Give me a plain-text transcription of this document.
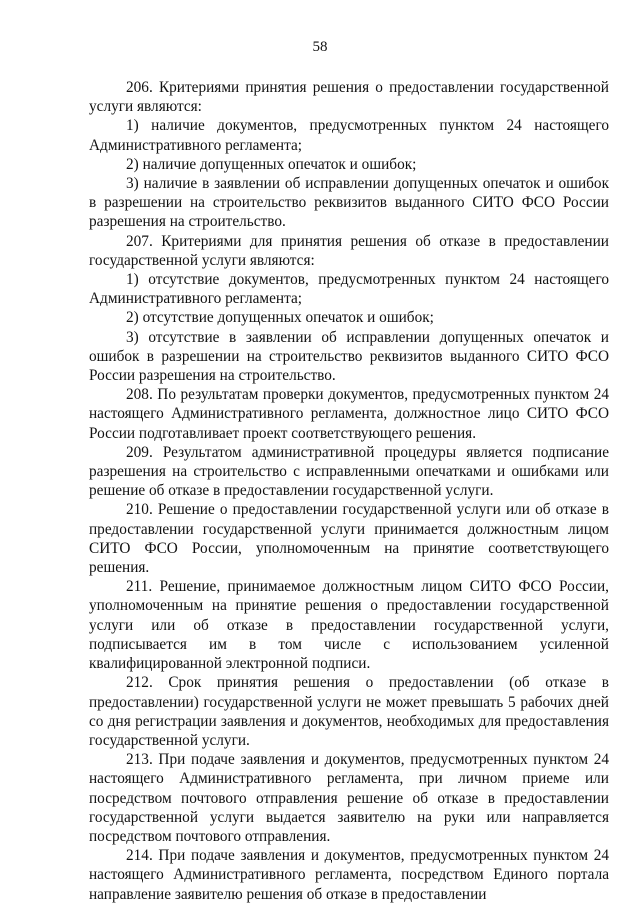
58

206. Критериями принятия решения о предоставлении государственной услуги являются:

1) наличие документов, предусмотренных пунктом 24 настоящего Административного регламента;

2) наличие допущенных опечаток и ошибок;

3) наличие в заявлении об исправлении допущенных опечаток и ошибок в разрешении на строительство реквизитов выданного СИТО ФСО России разрешения на строительство.

207. Критериями для принятия решения об отказе в предоставлении государственной услуги являются:

1) отсутствие документов, предусмотренных пунктом 24 настоящего Административного регламента;

2) отсутствие допущенных опечаток и ошибок;

3) отсутствие в заявлении об исправлении допущенных опечаток и ошибок в разрешении на строительство реквизитов выданного СИТО ФСО России разрешения на строительство.

208. По результатам проверки документов, предусмотренных пунктом 24 настоящего Административного регламента, должностное лицо СИТО ФСО России подготавливает проект соответствующего решения.

209. Результатом административной процедуры является подписание разрешения на строительство с исправленными опечатками и ошибками или решение об отказе в предоставлении государственной услуги.

210. Решение о предоставлении государственной услуги или об отказе в предоставлении государственной услуги принимается должностным лицом СИТО ФСО России, уполномоченным на принятие соответствующего решения.

211. Решение, принимаемое должностным лицом СИТО ФСО России, уполномоченным на принятие решения о предоставлении государственной услуги или об отказе в предоставлении государственной услуги, подписывается им в том числе с использованием усиленной квалифицированной электронной подписи.

212. Срок принятия решения о предоставлении (об отказе в предоставлении) государственной услуги не может превышать 5 рабочих дней со дня регистрации заявления и документов, необходимых для предоставления государственной услуги.

213. При подаче заявления и документов, предусмотренных пунктом 24 настоящего Административного регламента, при личном приеме или посредством почтового отправления решение об отказе в предоставлении государственной услуги выдается заявителю на руки или направляется посредством почтового отправления.

214. При подаче заявления и документов, предусмотренных пунктом 24 настоящего Административного регламента, посредством Единого портала направление заявителю решения об отказе в предоставлении
